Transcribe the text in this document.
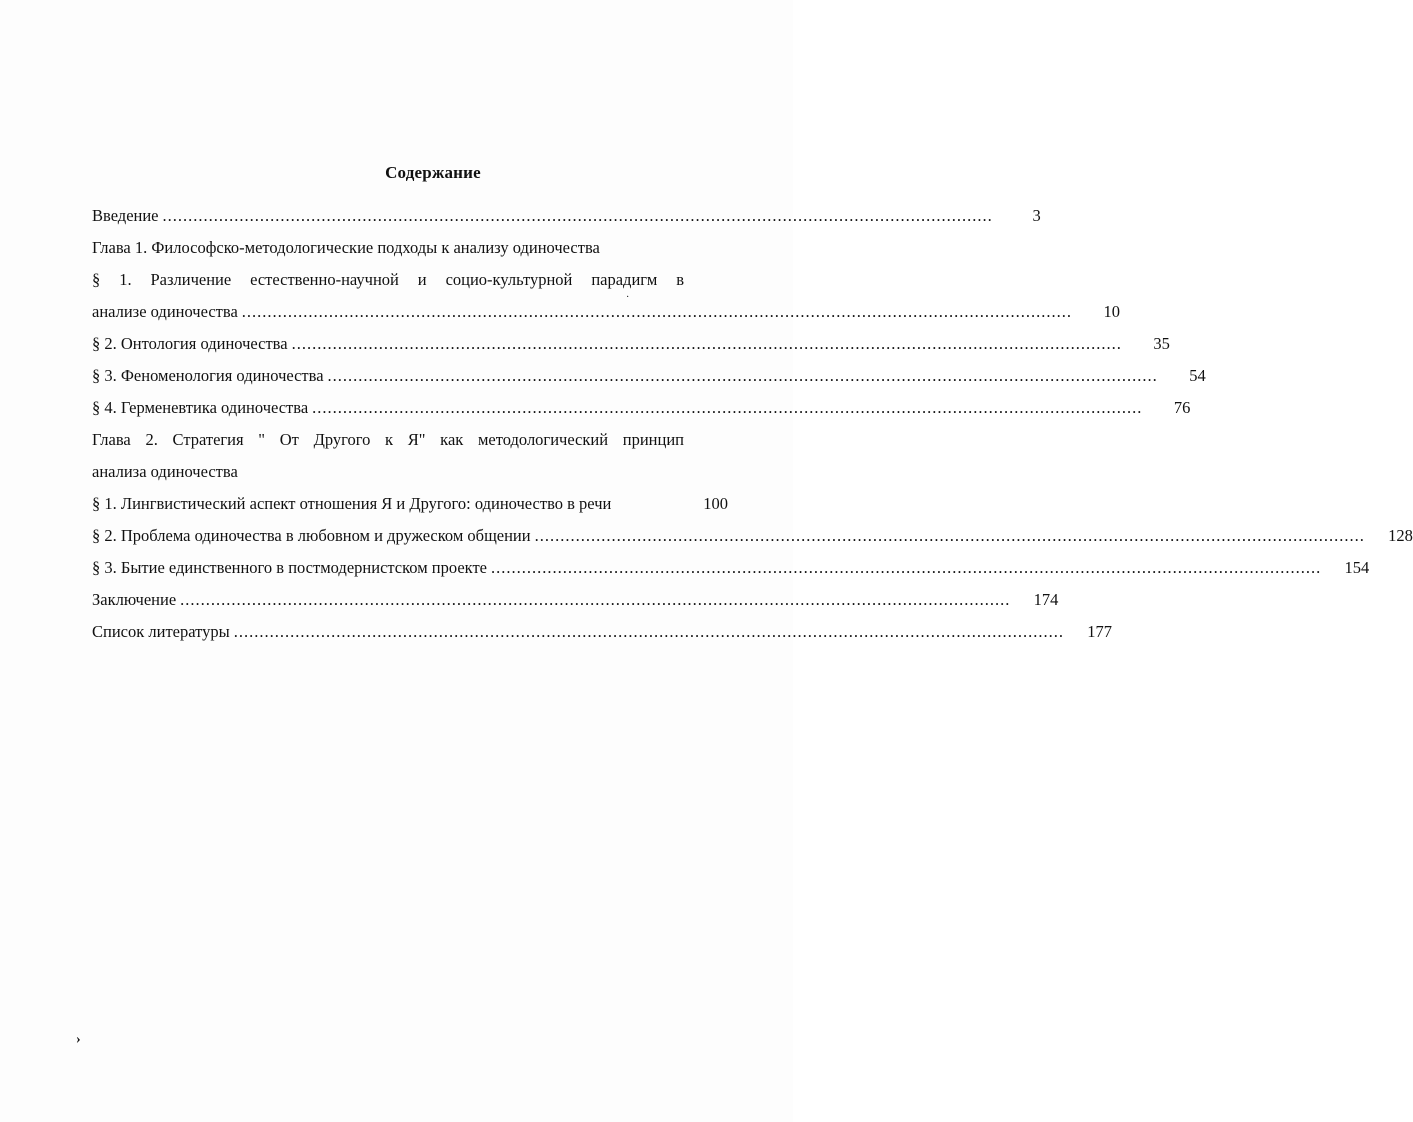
Содержание
Введение ..................................................................................................................................................................	3
Глава 1. Философско-методологические подходы к анализу одиночества
§ 1. Различение естественно-научной и социо-культурной парадигм в
анализе одиночества ..................................................................................................................................................................	10
§ 2. Онтология одиночества ..................................................................................................................................................................	35
§ 3. Феноменология одиночества ..................................................................................................................................................................	54
§ 4. Герменевтика одиночества ..................................................................................................................................................................	76
Глава 2. Стратегия " От Другого к Я" как методологический принцип
анализа одиночества
§ 1. Лингвистический аспект отношения Я и Другого: одиночество в речи	100
§ 2. Проблема одиночества в любовном и дружеском общении ..................................................................................................................................................................	128
§ 3. Бытие единственного в постмодернистском проекте ..................................................................................................................................................................	154
Заключение ..................................................................................................................................................................	174
Список литературы ..................................................................................................................................................................	177
·
›
